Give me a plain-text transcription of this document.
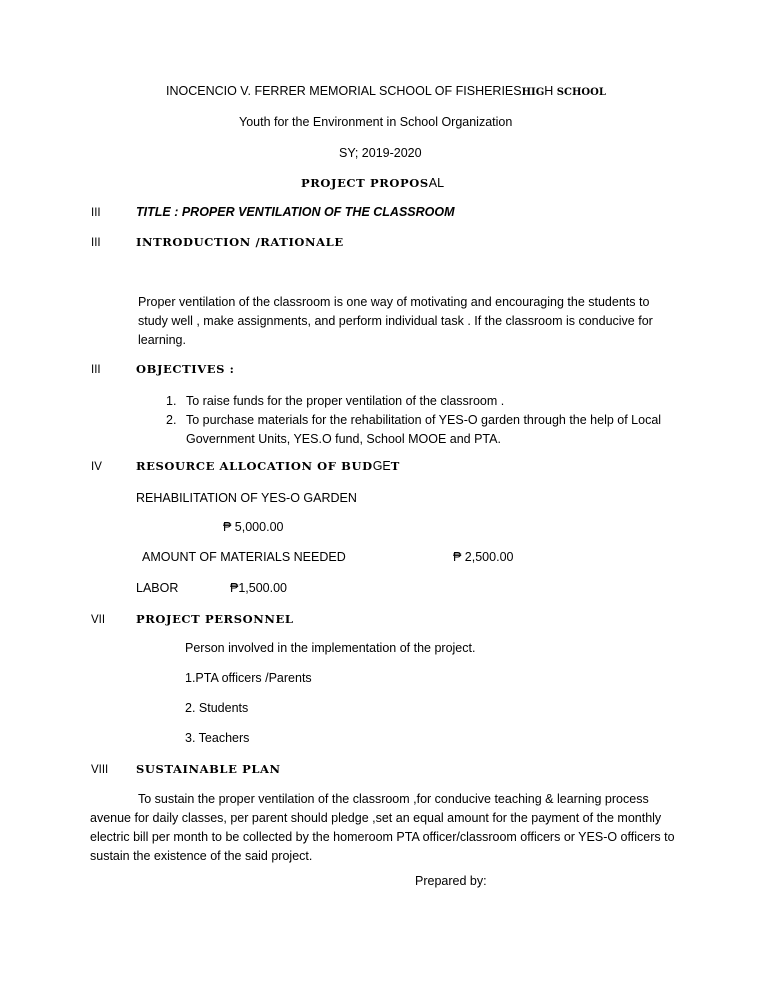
INOCENCIO V. FERRER MEMORIAL SCHOOL OF FISHERIESHIGH SCHOOL
Youth for the Environment in School Organization
SY; 2019-2020
PROJECT PROPOSAL
III	TITLE : PROPER VENTILATION OF THE CLASSROOM
III	INTRODUCTION /RATIONALE
Proper ventilation of the classroom is one way of motivating and encouraging the students to study well , make assignments, and perform individual task . If the classroom is conducive for learning.
III	OBJECTIVES :
1. To raise funds for the proper ventilation of the classroom .
2. To purchase materials for the rehabilitation of YES-O garden through the help of Local Government Units, YES.O fund, School MOOE and PTA.
IV	RESOURCE ALLOCATION OF BUDGET
REHABILITATION OF YES-O GARDEN
₱ 5,000.00
AMOUNT OF MATERIALS NEEDED	₱ 2,500.00
LABOR	₱1,500.00
VII	PROJECT PERSONNEL
Person involved in the implementation of the project.
1.PTA officers /Parents
2. Students
3. Teachers
VIII SUSTAINABLE PLAN
To sustain the proper ventilation of the classroom ,for conducive teaching & learning process avenue for daily classes, per parent should pledge ,set an equal amount for the payment of the monthly electric bill per month to be collected by the homeroom PTA officer/classroom officers or YES-O officers to sustain the existence of the said project.
Prepared by:
